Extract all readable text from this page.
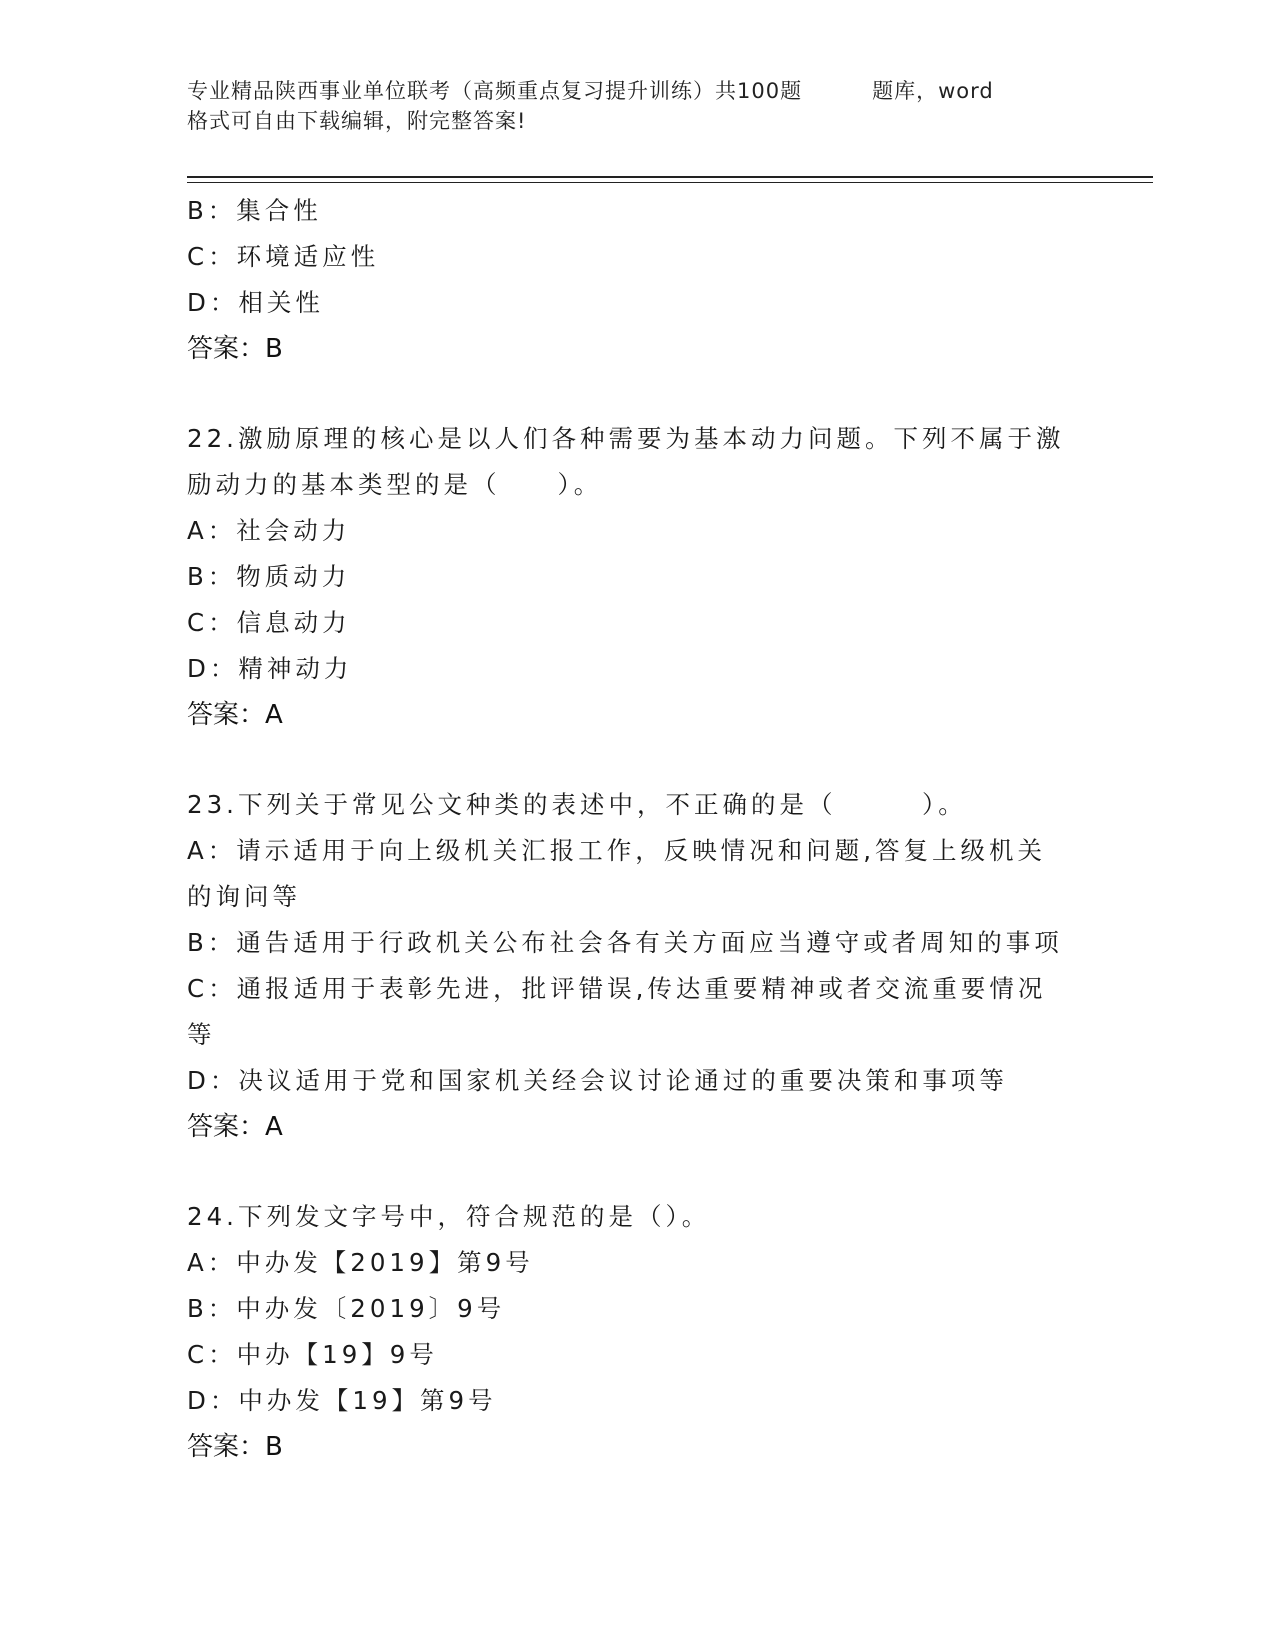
专业精品陕西事业单位联考（高频重点复习提升训练）共100题	题库，word
格式可自由下载编辑，附完整答案!
B：集合性
C：环境适应性
D：相关性
答案：B
22.激励原理的核心是以人们各种需要为基本动力问题。下列不属于激
励动力的基本类型的是（　　）。
A：社会动力
B：物质动力
C：信息动力
D：精神动力
答案：A
23.下列关于常见公文种类的表述中，不正确的是（　　　）。
A：请示适用于向上级机关汇报工作，反映情况和问题,答复上级机关
的询问等
B：通告适用于行政机关公布社会各有关方面应当遵守或者周知的事项
C：通报适用于表彰先进，批评错误,传达重要精神或者交流重要情况
等
D：决议适用于党和国家机关经会议讨论通过的重要决策和事项等
答案：A
24.下列发文字号中，符合规范的是（）。
A：中办发【2019】第9号
B：中办发〔2019〕9号
C：中办【19】9号
D：中办发【19】第9号
答案：B
